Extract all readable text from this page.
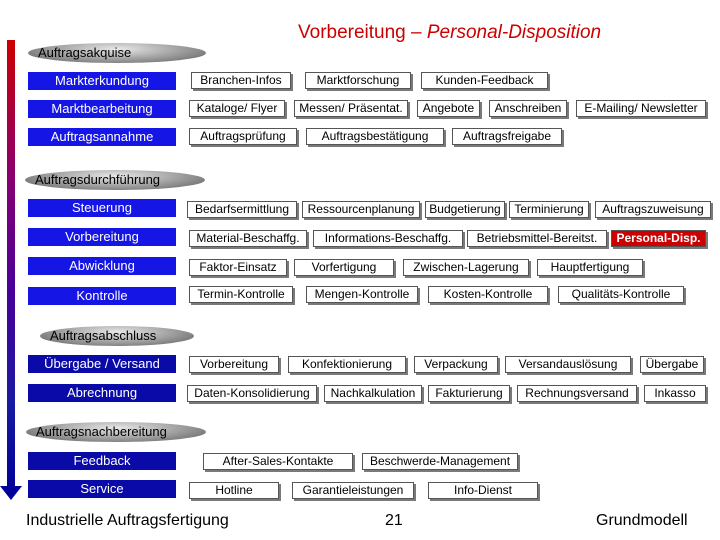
Vorbereitung – Personal-Disposition
Auftragsakquise
Markterkundung	Branchen-Infos	Marktforschung	Kunden-Feedback
Marktbearbeitung	Kataloge/ Flyer	Messen/ Präsentat.	Angebote	Anschreiben	E-Mailing/ Newsletter
Auftragsannahme	Auftragsprüfung	Auftragsbestätigung	Auftragsfreigabe
Auftragsdurchführung
Steuerung	Bedarfsermittlung	Ressourcenplanung	Budgetierung	Terminierung	Auftragszuweisung
Vorbereitung	Material-Beschaffg.	Informations-Beschaffg.	Betriebsmittel-Bereitst.	Personal-Disp.
Abwicklung	Faktor-Einsatz	Vorfertigung	Zwischen-Lagerung	Hauptfertigung
Kontrolle	Termin-Kontrolle	Mengen-Kontrolle	Kosten-Kontrolle	Qualitäts-Kontrolle
Auftragsabschluss
Übergabe / Versand	Vorbereitung	Konfektionierung	Verpackung	Versandauslösung	Übergabe
Abrechnung	Daten-Konsolidierung	Nachkalkulation	Fakturierung	Rechnungsversand	Inkasso
Auftragsnachbereitung
Feedback	After-Sales-Kontakte	Beschwerde-Management
Service	Hotline	Garantieleistungen	Info-Dienst
Industrielle Auftragsfertigung	21	Grundmodell
